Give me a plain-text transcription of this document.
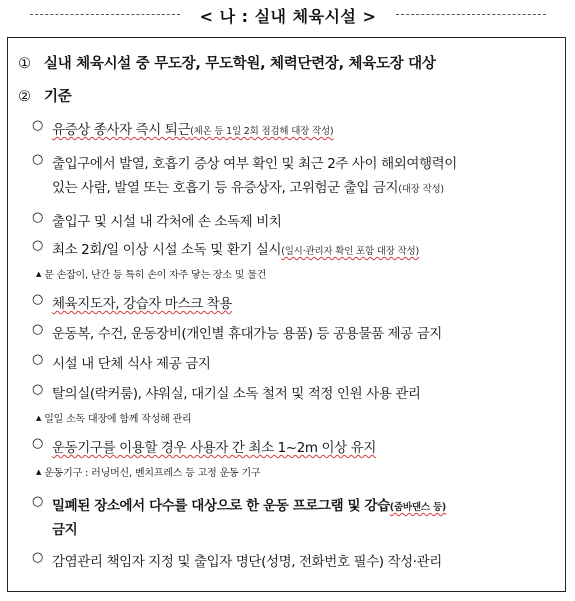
< 나 : 실내 체육시설 >
① 실내 체육시설 중 무도장, 무도학원, 체력단련장, 체육도장 대상
② 기준
○ 유증상 종사자 즉시 퇴근(체온 등 1일 2회 점검해 대장 작성)
○ 출입구에서 발열, 호흡기 증상 여부 확인 및 최근 2주 사이 해외여행력이
있는 사람, 발열 또는 호흡기 등 유증상자, 고위험군 출입 금지(대장 작성)
○ 출입구 및 시설 내 각처에 손 소독제 비치
○ 최소 2회/일 이상 시설 소독 및 환기 실시(일시·관리자 확인 포함 대장 작성)
▲ 문 손잡이, 난간 등 특히 손이 자주 닿는 장소 및 물건
○ 체육지도자, 강습자 마스크 착용
○ 운동복, 수건, 운동장비(개인별 휴대가능 용품) 등 공용물품 제공 금지
○ 시설 내 단체 식사 제공 금지
○ 탈의실(락커룸), 샤워실, 대기실 소독 철저 및 적정 인원 사용 관리
▲ 일일 소독 대장에 함께 작성해 관리
○ 운동기구를 이용할 경우 사용자 간 최소 1~2m 이상 유지
▲ 운동기구 : 러닝머신, 벤치프레스 등 고정 운동 기구
○ 밀폐된 장소에서 다수를 대상으로 한 운동 프로그램 및 강습(줌바댄스 등)
금지
○ 감염관리 책임자 지정 및 출입자 명단(성명, 전화번호 필수) 작성·관리
